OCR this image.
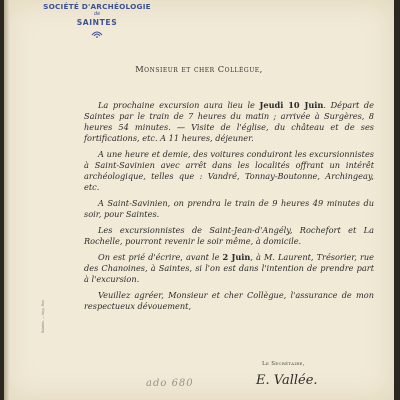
SOCIÉTÉ D'ARCHÉOLOGIE
de
SAINTES
Monsieur et cher Collègue,

La prochaine excursion aura lieu le Jeudi 10 Juin. Départ de Saintes par le train de 7 heures du matin ; arrivée à Surgères, 8 heures 54 minutes. — Visite de l'église, du château et de ses fortifications, etc. A 11 heures, déjeuner.

A une heure et demie, des voitures conduiront les excursionnistes à Saint-Savinien avec arrêt dans les localités offrant un intérêt archéologique, telles que : Vandré, Tonnay-Boutonne, Archingeay, etc.

A Saint-Savinien, on prendra le train de 9 heures 49 minutes du soir, pour Saintes.

Les excursionnistes de Saint-Jean-d'Angély, Rochefort et La Rochelle, pourront revenir le soir même, à domicile.

On est prié d'écrire, avant le 2 Juin, à M. Laurent, Trésorier, rue des Chanoines, à Saintes, si l'on est dans l'intention de prendre part à l'excursion.

Veuillez agréer, Monsieur et cher Collègue, l'assurance de mon respectueux dévouement,

Saintes. — Imp. Hus
Le Secrétaire,
ado 680	E. Vallée.
